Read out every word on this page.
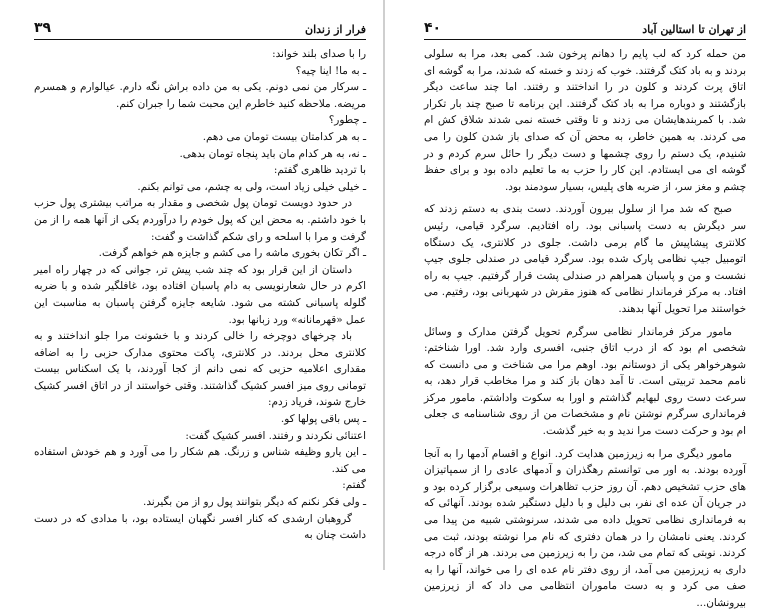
۳۹	فرار از زندان

را با صدای بلند خواند:

ـ به ما! اینا چیه؟

ـ سرکار من نمی دونم. یکی به من داده براش نگه دارم. عیالوارم و همسرم مریضه. ملاحظه کنید خاطرم این محبت شما را جبران کنم.

ـ چطور؟

ـ به هر کدامتان بیست تومان می دهم.

ـ نه، به هر کدام مان باید پنجاه تومان بدهی.

با تردید ظاهری گفتم:

ـ خیلی خیلی زیاد است، ولی به چشم، می توانم بکنم.

در حدود دویست تومان پول شخصی و مقدار به مراتب بیشتری پول حزب با خود داشتم. به محض این که پول خودم را درآوردم یکی از آنها همه را از من گرفت و مرا با اسلحه و رای شکم گذاشت و گفت:

ـ اگر تکان بخوری ماشه را می کشم و جایزه هم خواهم گرفت.

داستان از این قرار بود که چند شب پیش تر، جوانی که در چهار راه امیر اکرم در حال شعارنویسی به دام پاسبان افتاده بود، غافلگیر شده و با ضربه گلوله پاسبانی کشته می شود. شایعه جایزه گرفتن پاسبان به مناسبت این عمل «قهرمانانه» ورد زبانها بود.

باد چرخهای دوچرخه را خالی کردند و با خشونت مرا جلو انداختند و به کلانتری محل بردند. در کلانتری، پاکت محتوی مدارک حزبی را به اضافه مقداری اعلامیه حزبی که نمی دانم از کجا آوردند، با یک اسکناس بیست تومانی روی میز افسر کشیک گذاشتند. وقتی خواستند از در اتاق افسر کشیک خارج شوند، فریاد زدم:

ـ پس باقی پولها کو.

اعتنائی نکردند و رفتند. افسر کشیک گفت:

ـ این یارو وظیفه شناس و زرنگ. هم شکار را می آورد و هم خودش استفاده می کند.

گفتم:

ـ ولی فکر نکنم که دیگر بتوانند پول رو از من بگیرند.

گروهبان ارشدی که کنار افسر نگهبان ایستاده بود، با مدادی که در دست داشت چنان به

۴۰	از تهران تا استالین آباد

من حمله کرد که لب پایم را دهانم پرخون شد. کمی بعد، مرا به سلولی بردند و به باد کتک گرفتند. خوب که زدند و خسته که شدند، مرا به گوشه ای اتاق پرت کردند و کلون در را انداختند و رفتند. اما چند ساعت دیگر بازگشتند و دوباره مرا به باد کتک گرفتند. این برنامه تا صبح چند بار تکرار شد. با کمربندهایشان می زدند و تا وقتی خسته نمی شدند شلاق کش ام می کردند. به همین خاطر، به محض آن که صدای باز شدن کلون را می شنیدم، یک دستم را روی چشمها و دست دیگر را حائل سرم کردم و در گوشه ای می ایستادم. این کار را حزب به ما تعلیم داده بود و برای حفظ چشم و مغز سر، از ضربه های پلیس، بسیار سودمند بود.

صبح که شد مرا از سلول بیرون آوردند. دست بندی به دستم زدند که سر دیگرش به دست پاسبانی بود. راه افتادیم. سرگرد قیامی، رئیس کلانتری پیشاپیش ما گام برمی داشت. جلوی در کلانتری، یک دستگاه اتومبیل جیپ نظامی پارک شده بود. سرگرد قیامی در صندلی جلوی جیپ نشست و من و پاسبان همراهم در صندلی پشت قرار گرفتیم. جیپ به راه افتاد. به مرکز فرماندار نظامی که هنوز مقرش در شهربانی بود، رفتیم. می خواستند مرا تحویل آنها بدهند.

مامور مرکز فرماندار نظامی سرگرم تحویل گرفتن مدارک و وسائل شخصی ام بود که از درب اتاق جنبی، افسری وارد شد. اورا شناختم: شوهرخواهر یکی از دوستانم بود. اوهم مرا می شناخت و می دانست که نامم محمد تربیتی است. تا آمد دهان باز کند و مرا مخاطب قرار دهد، به سرعت دست روی لبهایم گذاشتم و اورا به سکوت واداشتم. مامور مرکز فرمانداری سرگرم نوشتن نام و مشخصات من از روی شناسنامه ی جعلی ام بود و حرکت دست مرا ندید و به خیر گذشت.

مامور دیگری مرا به زیرزمین هدایت کرد. انواع و اقسام آدمها را به آنجا آورده بودند. به اور می توانستم رهگذران و آدمهای عادی را از سمپاتیزان های حزب تشخیص دهم. آن روز حزب تظاهرات وسیعی برگزار کرده بود و در جریان آن عده ای نفر، بی دلیل و با دلیل دستگیر شده بودند. آنهائی که به فرمانداری نظامی تحویل داده می شدند، سرنوشتی شبیه من پیدا می کردند. یعنی نامشان را در همان دفتری که نام مرا نوشته بودند، ثبت می کردند. نوبتی که تمام می شد، من را به زیرزمین می بردند. هر از گاه درجه داری به زیرزمین می آمد، از روی دفتر نام عده ای را می خواند، آنها را به صف می کرد و به دست ماموران انتظامی می داد که از زیرزمین بیرونشان...
